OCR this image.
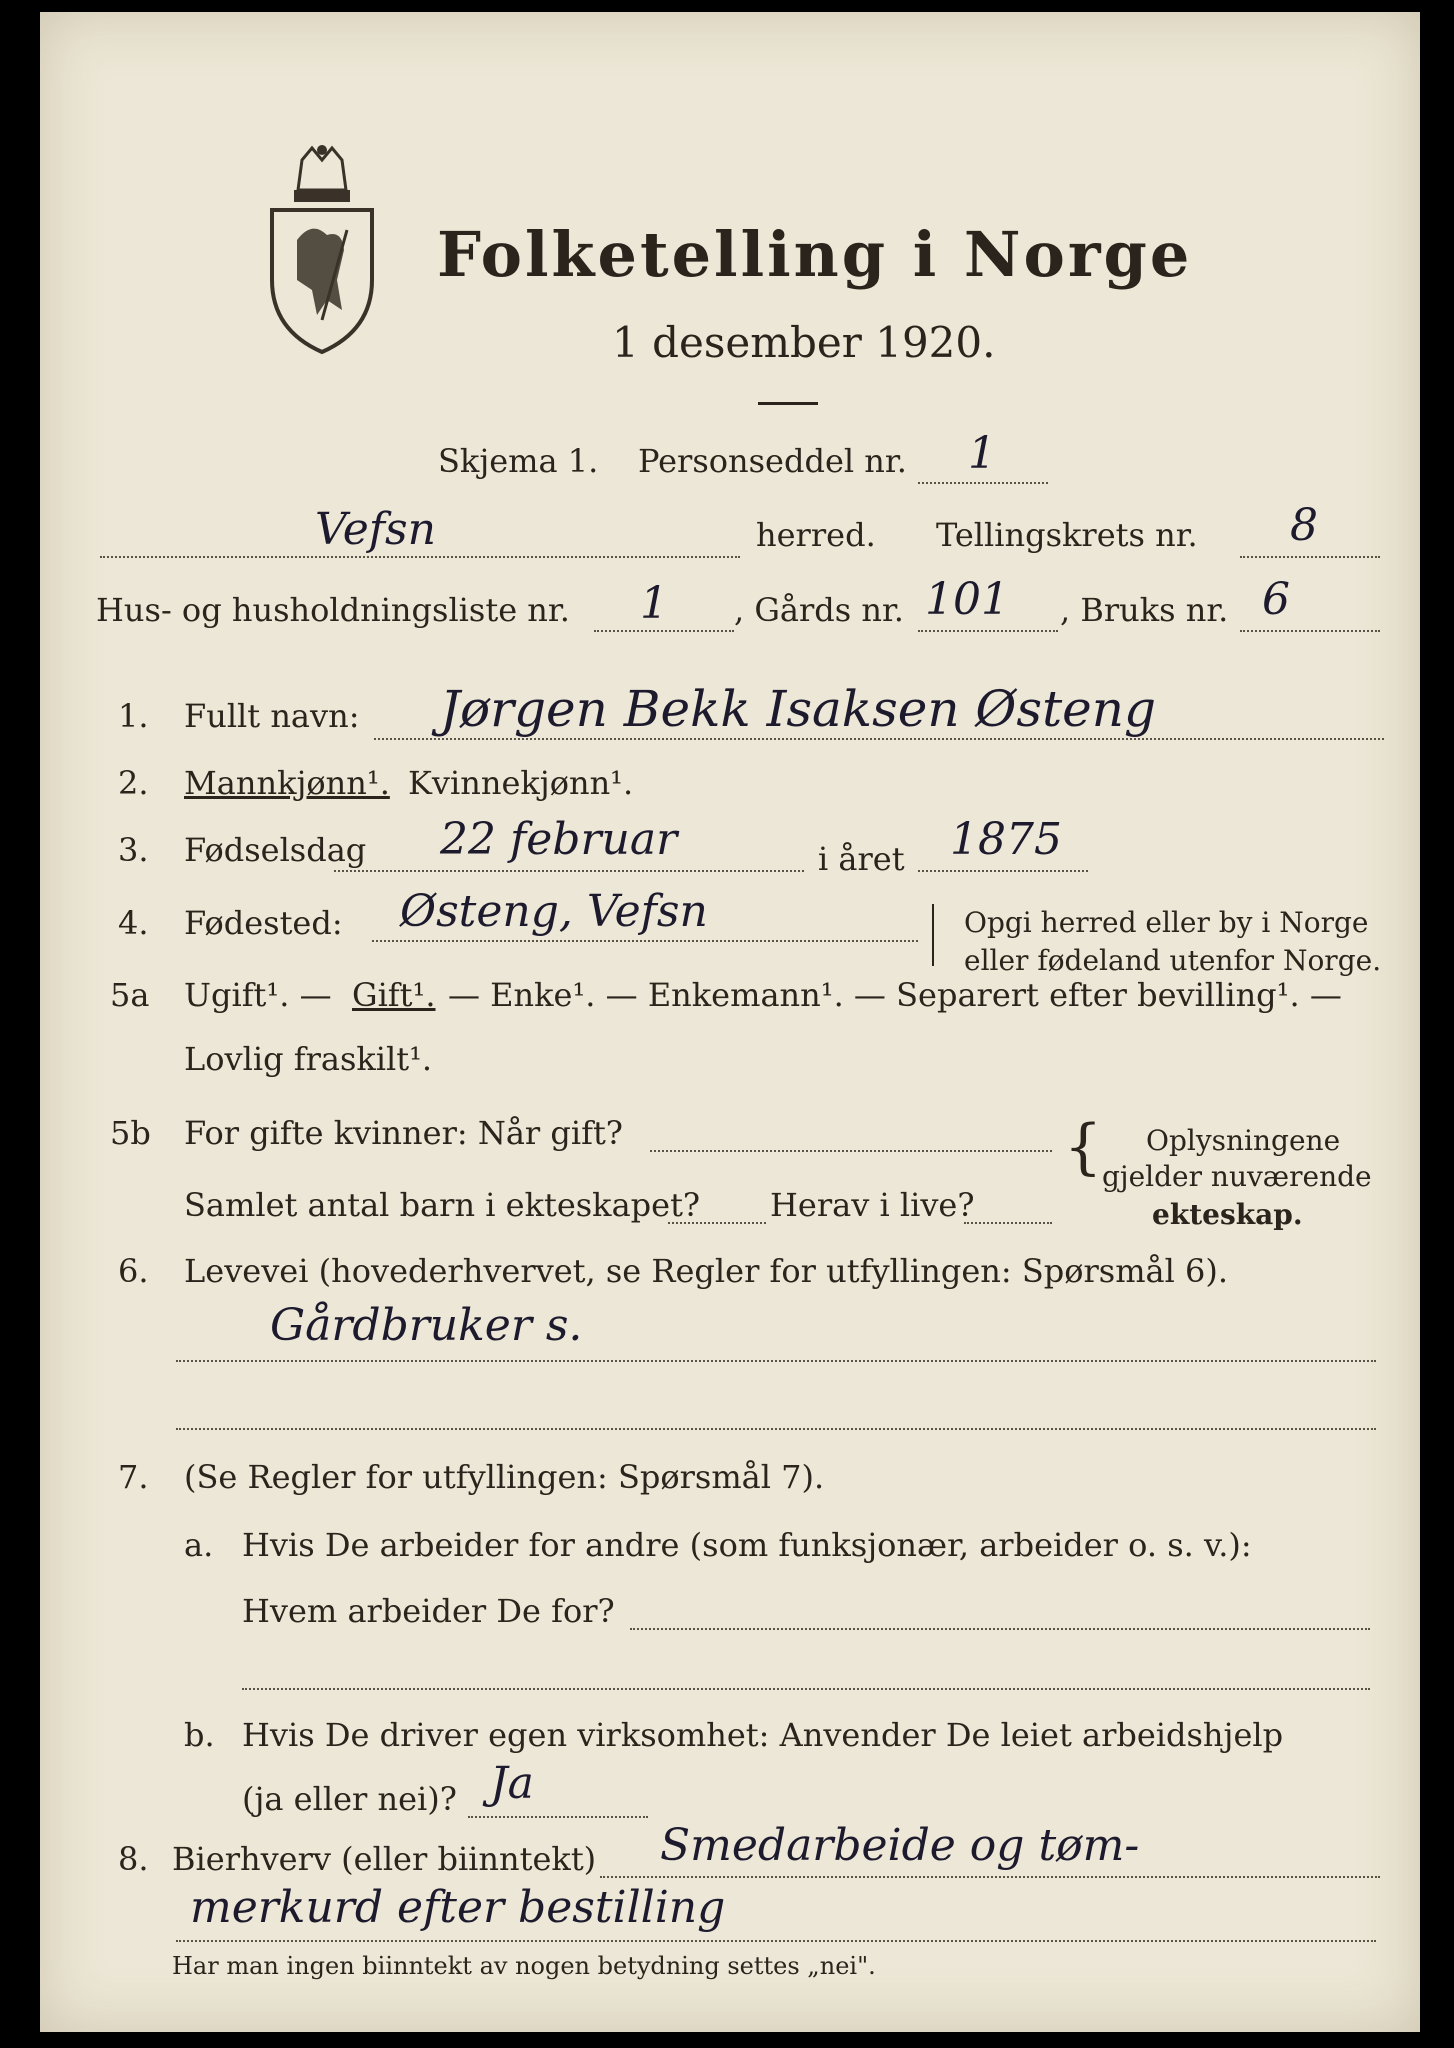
Folketelling i Norge
1 desember 1920.
Skjema 1. Personseddel nr. 1
Vefsn	herred. Tellingskrets nr. 8
Hus- og husholdningsliste nr. 1 , Gårds nr. 101 , Bruks nr. 6
1. Fullt navn: Jørgen Bekk Isaksen Østeng
2. Mannkjønn¹. Kvinnekjønn¹.
3. Fødselsdag 22 februar	i året 1875
4. Fødested: Østeng, Vefsn	Opgi herred eller by i Norge
eller fødeland utenfor Norge.
5a Ugift¹. — Gift¹. — Enke¹. — Enkemann¹. — Separert efter bevilling¹. —
Lovlig fraskilt¹.
5b For gifte kvinner: Når gift?
Samlet antal barn i ekteskapet? Herav i live?
{ Oplysningene
gjelder nuværende
ekteskap.
6. Levevei (hovederhvervet, se Regler for utfyllingen: Spørsmål 6).
Gårdbruker s.
7. (Se Regler for utfyllingen: Spørsmål 7).
a. Hvis De arbeider for andre (som funksjonær, arbeider o. s. v.):
Hvem arbeider De for?
b. Hvis De driver egen virksomhet: Anvender De leiet arbeidshjelp
(ja eller nei)? Ja
8. Bierhverv (eller biinntekt) Smedarbeide og tøm-
merkurd efter bestilling
Har man ingen biinntekt av nogen betydning settes „nei".
